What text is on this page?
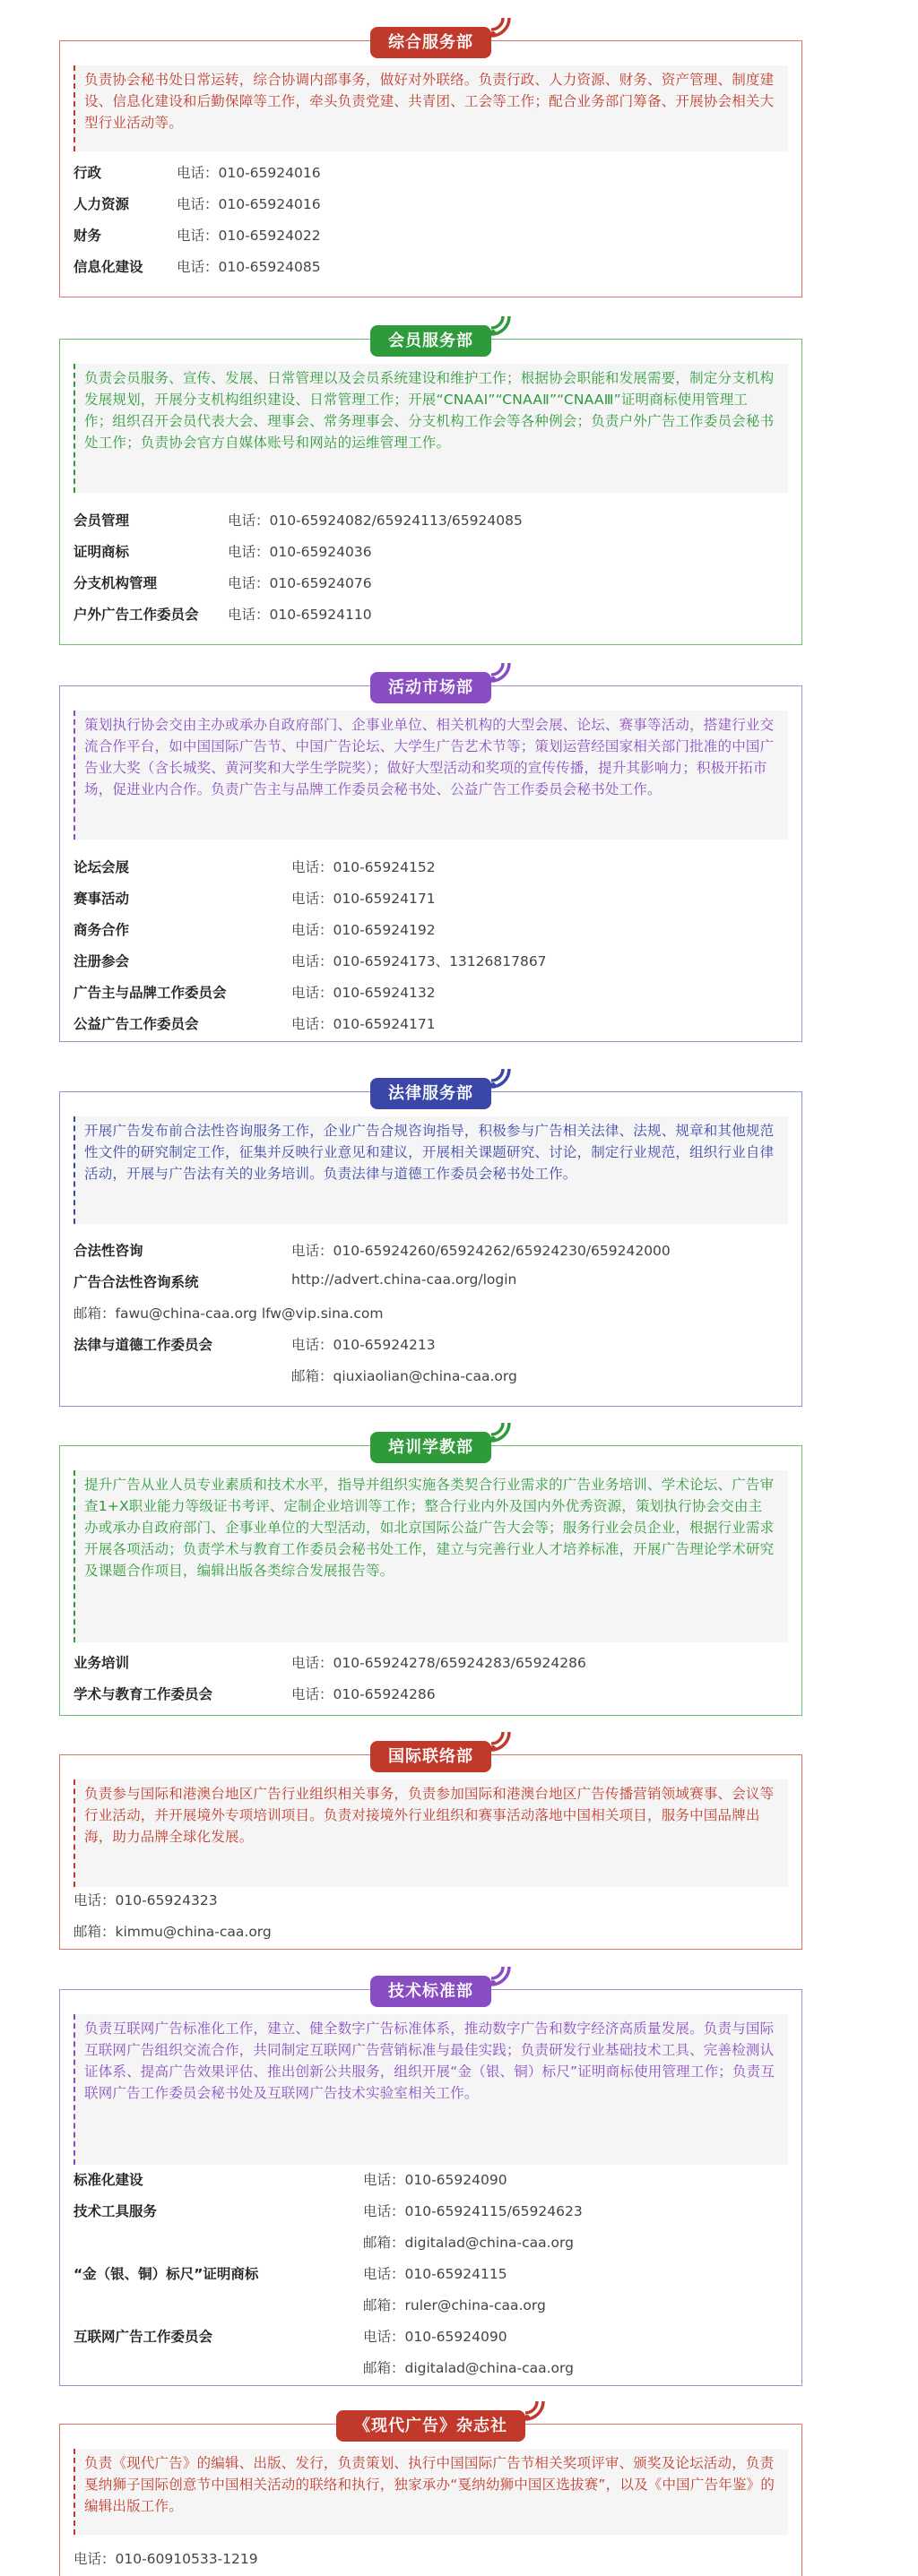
综合服务部
负责协会秘书处日常运转，综合协调内部事务，做好对外联络。负责行政、人力资源、财务、资产管理、制度建设、信息化建设和后勤保障等工作，牵头负责党建、共青团、工会等工作；配合业务部门筹备、开展协会相关大型行业活动等。
行政	电话：010-65924016
人力资源	电话：010-65924016
财务	电话：010-65924022
信息化建设 电话：010-65924085
会员服务部
负责会员服务、宣传、发展、日常管理以及会员系统建设和维护工作；根据协会职能和发展需要，制定分支机构发展规划，开展分支机构组织建设、日常管理工作；开展“CNAAⅠ”“CNAAⅡ”“CNAAⅢ”证明商标使用管理工作；组织召开会员代表大会、理事会、常务理事会、分支机构工作会等各种例会；负责户外广告工作委员会秘书处工作；负责协会官方自媒体账号和网站的运维管理工作。
会员管理	电话：010-65924082/65924113/65924085
证明商标	电话：010-65924036
分支机构管理	电话：010-65924076
户外广告工作委员会 电话：010-65924110
活动市场部
策划执行协会交由主办或承办自政府部门、企事业单位、相关机构的大型会展、论坛、赛事等活动，搭建行业交流合作平台，如中国国际广告节、中国广告论坛、大学生广告艺术节等；策划运营经国家相关部门批准的中国广告业大奖（含长城奖、黄河奖和大学生学院奖）；做好大型活动和奖项的宣传传播，提升其影响力；积极开拓市场，促进业内合作。负责广告主与品牌工作委员会秘书处、公益广告工作委员会秘书处工作。
论坛会展	电话：010-65924152
赛事活动	电话：010-65924171
商务合作	电话：010-65924192
注册参会	电话：010-65924173、13126817867
广告主与品牌工作委员会	电话：010-65924132
公益广告工作委员会	电话：010-65924171
法律服务部
开展广告发布前合法性咨询服务工作，企业广告合规咨询指导，积极参与广告相关法律、法规、规章和其他规范性文件的研究制定工作，征集并反映行业意见和建议，开展相关课题研究、讨论，制定行业规范，组织行业自律活动，开展与广告法有关的业务培训。负责法律与道德工作委员会秘书处工作。
合法性咨询	电话：010-65924260/65924262/65924230/659242000
广告合法性咨询系统	http://advert.china-caa.org/login
邮箱：fawu@china-caa.org lfw@vip.sina.com
法律与道德工作委员会	电话：010-65924213
邮箱：qiuxiaolian@china-caa.org
培训学教部
提升广告从业人员专业素质和技术水平，指导并组织实施各类契合行业需求的广告业务培训、学术论坛、广告审查1+X职业能力等级证书考评、定制企业培训等工作；整合行业内外及国内外优秀资源，策划执行协会交由主办或承办自政府部门、企事业单位的大型活动，如北京国际公益广告大会等；服务行业会员企业，根据行业需求开展各项活动；负责学术与教育工作委员会秘书处工作，建立与完善行业人才培养标准，开展广告理论学术研究及课题合作项目，编辑出版各类综合发展报告等。
业务培训	电话：010-65924278/65924283/65924286
学术与教育工作委员会	电话：010-65924286
国际联络部
负责参与国际和港澳台地区广告行业组织相关事务，负责参加国际和港澳台地区广告传播营销领域赛事、会议等行业活动，并开展境外专项培训项目。负责对接境外行业组织和赛事活动落地中国相关项目，服务中国品牌出海，助力品牌全球化发展。
电话：010-65924323
邮箱：kimmu@china-caa.org
技术标准部
负责互联网广告标准化工作，建立、健全数字广告标准体系，推动数字广告和数字经济高质量发展。负责与国际互联网广告组织交流合作，共同制定互联网广告营销标准与最佳实践；负责研发行业基础技术工具、完善检测认证体系、提高广告效果评估、推出创新公共服务，组织开展“金（银、铜）标尺”证明商标使用管理工作；负责互联网广告工作委员会秘书处及互联网广告技术实验室相关工作。
标准化建设	电话：010-65924090
技术工具服务	电话：010-65924115/65924623
邮箱：digitalad@china-caa.org
“金（银、铜）标尺”证明商标	电话：010-65924115
邮箱：ruler@china-caa.org
互联网广告工作委员会	电话：010-65924090
邮箱：digitalad@china-caa.org
《现代广告》杂志社
负责《现代广告》的编辑、出版、发行，负责策划、执行中国国际广告节相关奖项评审、颁奖及论坛活动，负责戛纳狮子国际创意节中国相关活动的联络和执行，独家承办“戛纳幼狮中国区选拔赛”，以及《中国广告年鉴》的编辑出版工作。
电话：010-60910533-1219
